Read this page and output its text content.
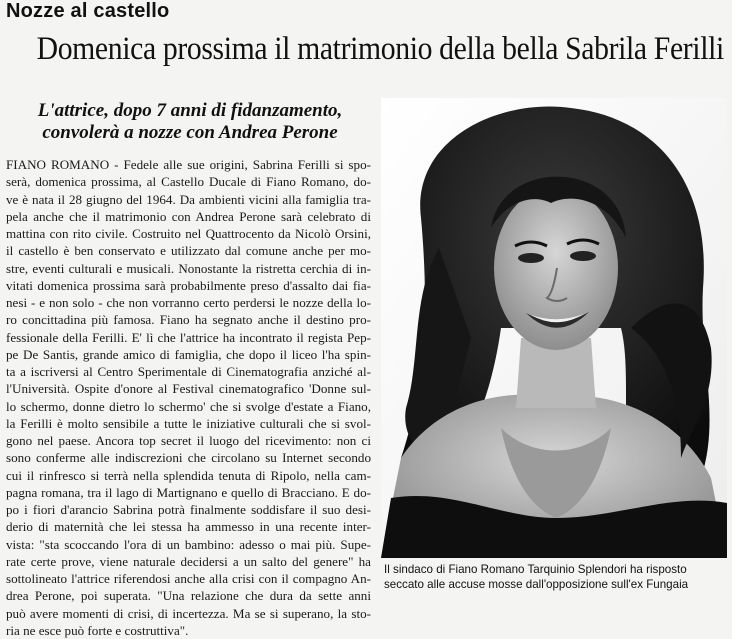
Nozze al castello
Domenica prossima il matrimonio della bella Sabrila Ferilli
L'attrice, dopo 7 anni di fidanzamento,
convolerà a nozze con Andrea Perone
FIANO ROMANO - Fedele alle sue origini, Sabrina Ferilli si spo-
serà, domenica prossima, al Castello Ducale di Fiano Romano, do-
ve è nata il 28 giugno del 1964. Da ambienti vicini alla famiglia tra-
pela anche che il matrimonio con Andrea Perone sarà celebrato di
mattina con rito civile. Costruito nel Quattrocento da Nicolò Orsini,
il castello è ben conservato e utilizzato dal comune anche per mo-
stre, eventi culturali e musicali. Nonostante la ristretta cerchia di in-
vitati domenica prossima sarà probabilmente preso d'assalto dai fia-
nesi - e non solo - che non vorranno certo perdersi le nozze della lo-
ro concittadina più famosa. Fiano ha segnato anche il destino pro-
fessionale della Ferilli. E' lì che l'attrice ha incontrato il regista Pep-
pe De Santis, grande amico di famiglia, che dopo il liceo l'ha spin-
ta a iscriversi al Centro Sperimentale di Cinematografia anziché al-
l'Università. Ospite d'onore al Festival cinematografico 'Donne sul-
lo schermo, donne dietro lo schermo' che si svolge d'estate a Fiano,
la Ferilli è molto sensibile a tutte le iniziative culturali che si svol-
gono nel paese. Ancora top secret il luogo del ricevimento: non ci
sono conferme alle indiscrezioni che circolano su Internet secondo
cui il rinfresco si terrà nella splendida tenuta di Ripolo, nella cam-
pagna romana, tra il lago di Martignano e quello di Bracciano. E do-
po i fiori d'arancio Sabrina potrà finalmente soddisfare il suo desi-
derio di maternità che lei stessa ha ammesso in una recente inter-
vista: "sta scoccando l'ora di un bambino: adesso o mai più. Supe-
rate certe prove, viene naturale decidersi a un salto del genere" ha
sottolineato l'attrice riferendosi anche alla crisi con il compagno An-
drea Perone, poi superata. "Una relazione che dura da sette anni
può avere momenti di crisi, di incertezza. Ma se si superano, la sto-
ria ne esce può forte e costruttiva".
Il sindaco di Fiano Romano Tarquinio Splendori ha risposto
seccato alle accuse mosse dall'opposizione sull'ex Fungaia
